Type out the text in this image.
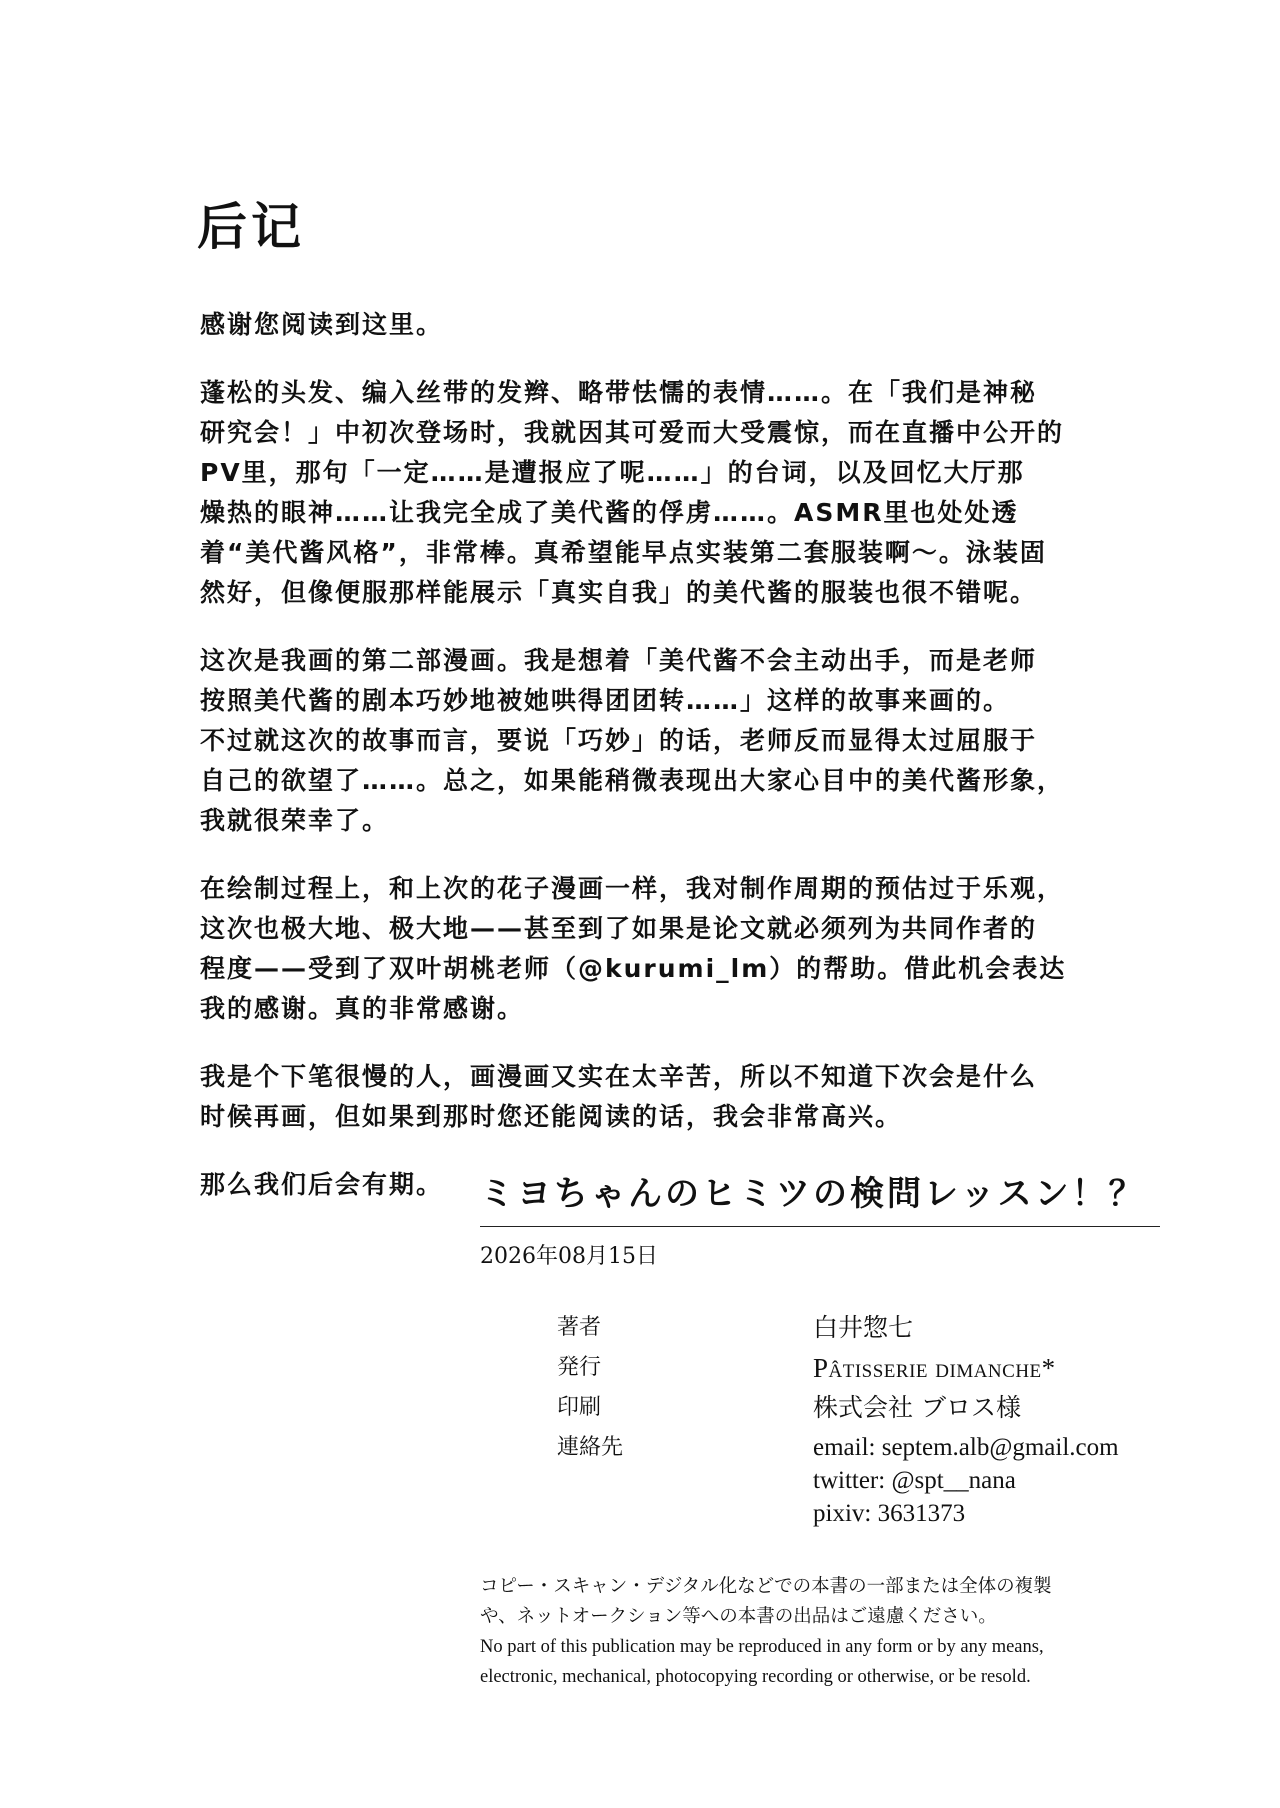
后记

感谢您阅读到这里。

蓬松的头发、编入丝带的发辫、略带怯懦的表情……。在「我们是神秘
研究会！」中初次登场时，我就因其可爱而大受震惊，而在直播中公开的
PV里，那句「一定……是遭报应了呢……」的台词，以及回忆大厅那
燥热的眼神……让我完全成了美代酱的俘虏……。ASMR里也处处透
着“美代酱风格”，非常棒。真希望能早点实装第二套服装啊～。泳装固
然好，但像便服那样能展示「真实自我」的美代酱的服装也很不错呢。

这次是我画的第二部漫画。我是想着「美代酱不会主动出手，而是老师
按照美代酱的剧本巧妙地被她哄得团团转……」这样的故事来画的。
不过就这次的故事而言，要说「巧妙」的话，老师反而显得太过屈服于
自己的欲望了……。总之，如果能稍微表现出大家心目中的美代酱形象，
我就很荣幸了。

在绘制过程上，和上次的花子漫画一样，我对制作周期的预估过于乐观，
这次也极大地、极大地——甚至到了如果是论文就必须列为共同作者的
程度——受到了双叶胡桃老师（@kurumi_lm）的帮助。借此机会表达
我的感谢。真的非常感谢。

我是个下笔很慢的人，画漫画又实在太辛苦，所以不知道下次会是什么
时候再画，但如果到那时您还能阅读的话，我会非常高兴。

那么我们后会有期。	ミヨちゃんのヒミツの検問レッスン！？
2026年08月15日
著者	白井惣七
発行	Pâtisserie dimanche*
印刷	株式会社 ブロス様
連絡先	email: septem.alb@gmail.com
twitter: @spt__nana
pixiv: 3631373
コピー・スキャン・デジタル化などでの本書の一部または全体の複製
や、ネットオークション等への本書の出品はご遠慮ください。
No part of this publication may be reproduced in any form or by any means,
electronic, mechanical, photocopying recording or otherwise, or be resold.
